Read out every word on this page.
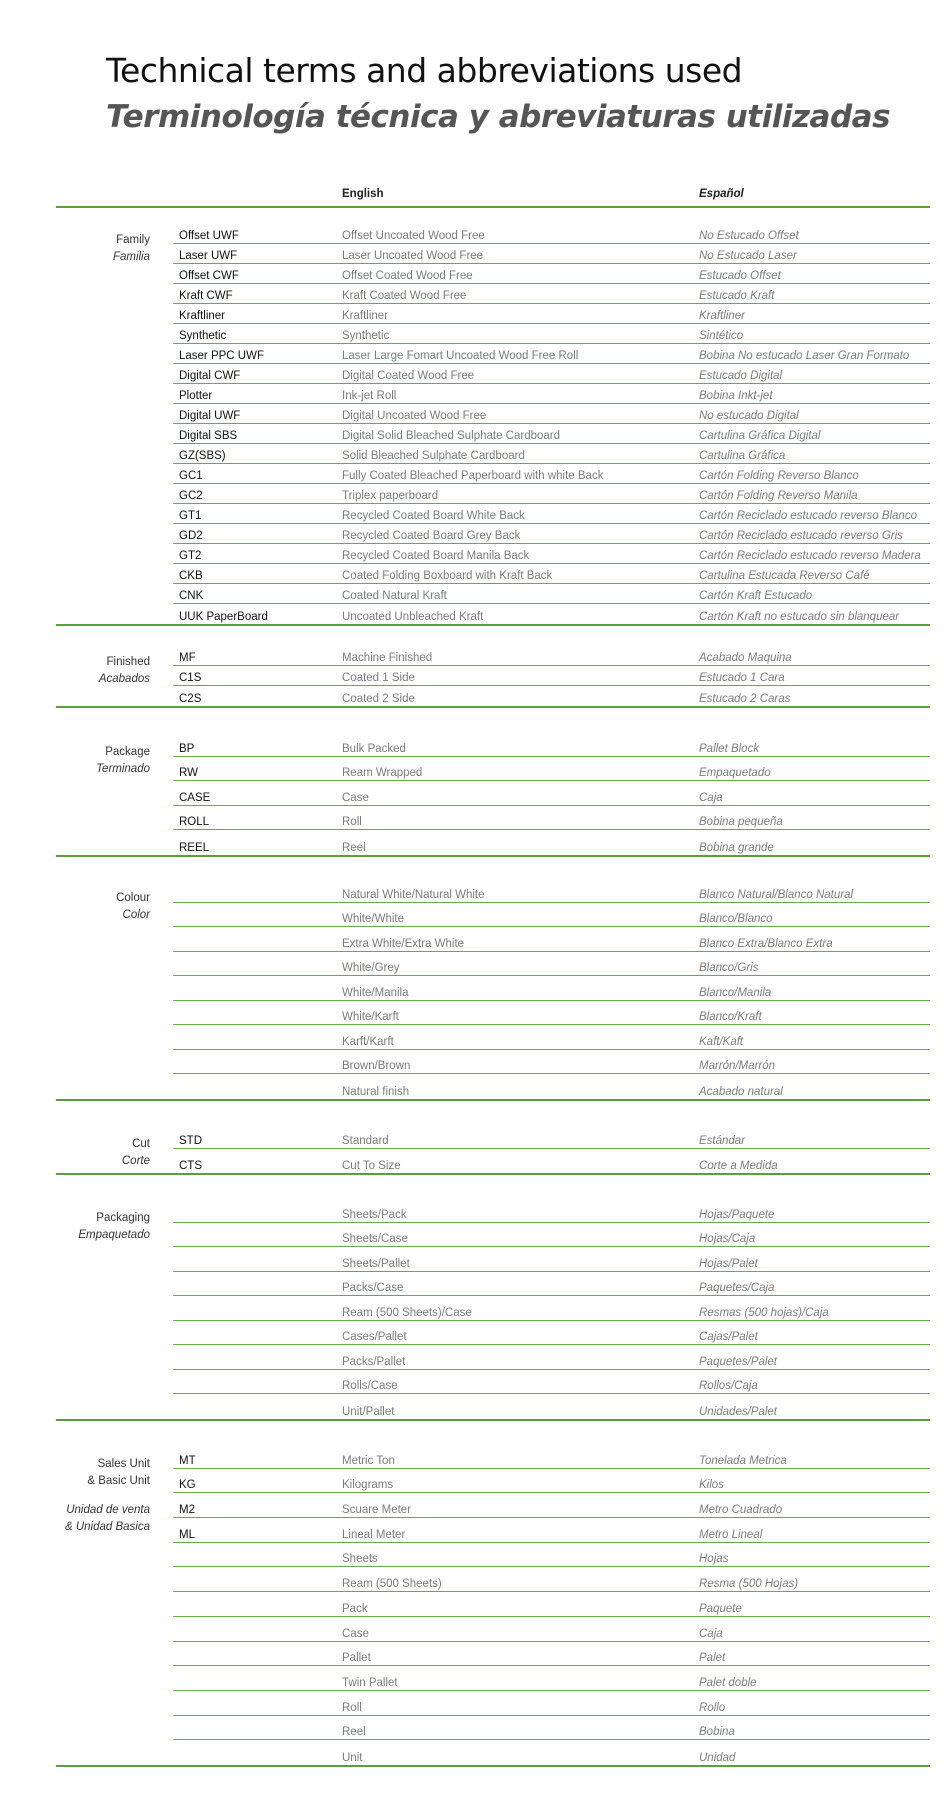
Technical terms and abbreviations used
Terminología técnica y abreviaturas utilizadas
English	Español
Family
Familia
Offset UWF	Offset Uncoated Wood Free	No Estucado Offset
Laser UWF	Laser Uncoated Wood Free	No Estucado Laser
Offset CWF	Offset Coated Wood Free	Estucado Offset
Kraft CWF	Kraft Coated Wood Free	Estucado Kraft
Kraftliner	Kraftliner	Kraftliner
Synthetic	Synthetic	Sintético
Laser PPC UWF	Laser Large Fomart Uncoated Wood Free Roll	Bobina No estucado Laser Gran Formato
Digital CWF	Digital Coated Wood Free	Estucado Digital
Plotter	Ink-jet Roll	Bobina Inkt-jet
Digital UWF	Digital Uncoated Wood Free	No estucado Digital
Digital SBS	Digital Solid Bleached Sulphate Cardboard	Cartulina Gráfica Digital
GZ(SBS)	Solid Bleached Sulphate Cardboard	Cartulina Gráfica
GC1	Fully Coated Bleached Paperboard with white Back	Cartón Folding Reverso Blanco
GC2	Triplex paperboard	Cartón Folding Reverso Manila
GT1	Recycled Coated Board White Back	Cartón Reciclado estucado reverso Blanco
GD2	Recycled Coated Board Grey Back	Cartón Reciclado estucado reverso Gris
GT2	Recycled Coated Board Manila Back	Cartón Reciclado estucado reverso Madera
CKB	Coated Folding Boxboard with Kraft Back	Cartulina Estucada Reverso Café
CNK	Coated Natural Kraft	Cartón Kraft Estucado
UUK PaperBoard	Uncoated Unbleached Kraft	Cartón Kraft no estucado sin blanquear
Finished
Acabados
MF	Machine Finished	Acabado Maquina
C1S	Coated 1 Side	Estucado 1 Cara
C2S	Coated 2 Side	Estucado 2 Caras
Package
Terminado
BP	Bulk Packed	Pallet Block
RW	Ream Wrapped	Empaquetado
CASE	Case	Caja
ROLL	Roll	Bobina pequeña
REEL	Reel	Bobina grande
Colour
Color
Natural White/Natural White	Blanco Natural/Blanco Natural
White/White	Blanco/Blanco
Extra White/Extra White	Blanco Extra/Blanco Extra
White/Grey	Blanco/Gris
White/Manila	Blanco/Manila
White/Karft	Blanco/Kraft
Karft/Karft	Kaft/Kaft
Brown/Brown	Marrón/Marrón
Natural finish	Acabado natural
Cut
Corte
STD	Standard	Estándar
CTS	Cut To Size	Corte a Medida
Packaging
Empaquetado
Sheets/Pack	Hojas/Paquete
Sheets/Case	Hojas/Caja
Sheets/Pallet	Hojas/Palet
Packs/Case	Paquetes/Caja
Ream (500 Sheets)/Case	Resmas (500 hojas)/Caja
Cases/Pallet	Cajas/Palet
Packs/Pallet	Paquetes/Palet
Rolls/Case	Rollos/Caja
Unit/Pallet	Unidades/Palet
Sales Unit
& Basic Unit
Unidad de venta
& Unidad Basica
MT	Metric Ton	Tonelada Metrica
KG	Kilograms	Kilos
M2	Scuare Meter	Metro Cuadrado
ML	Lineal Meter	Metro Lineal
Sheets	Hojas
Ream (500 Sheets)	Resma (500 Hojas)
Pack	Paquete
Case	Caja
Pallet	Palet
Twin Pallet	Palet doble
Roll	Rollo
Reel	Bobina
Unit	Unidad
